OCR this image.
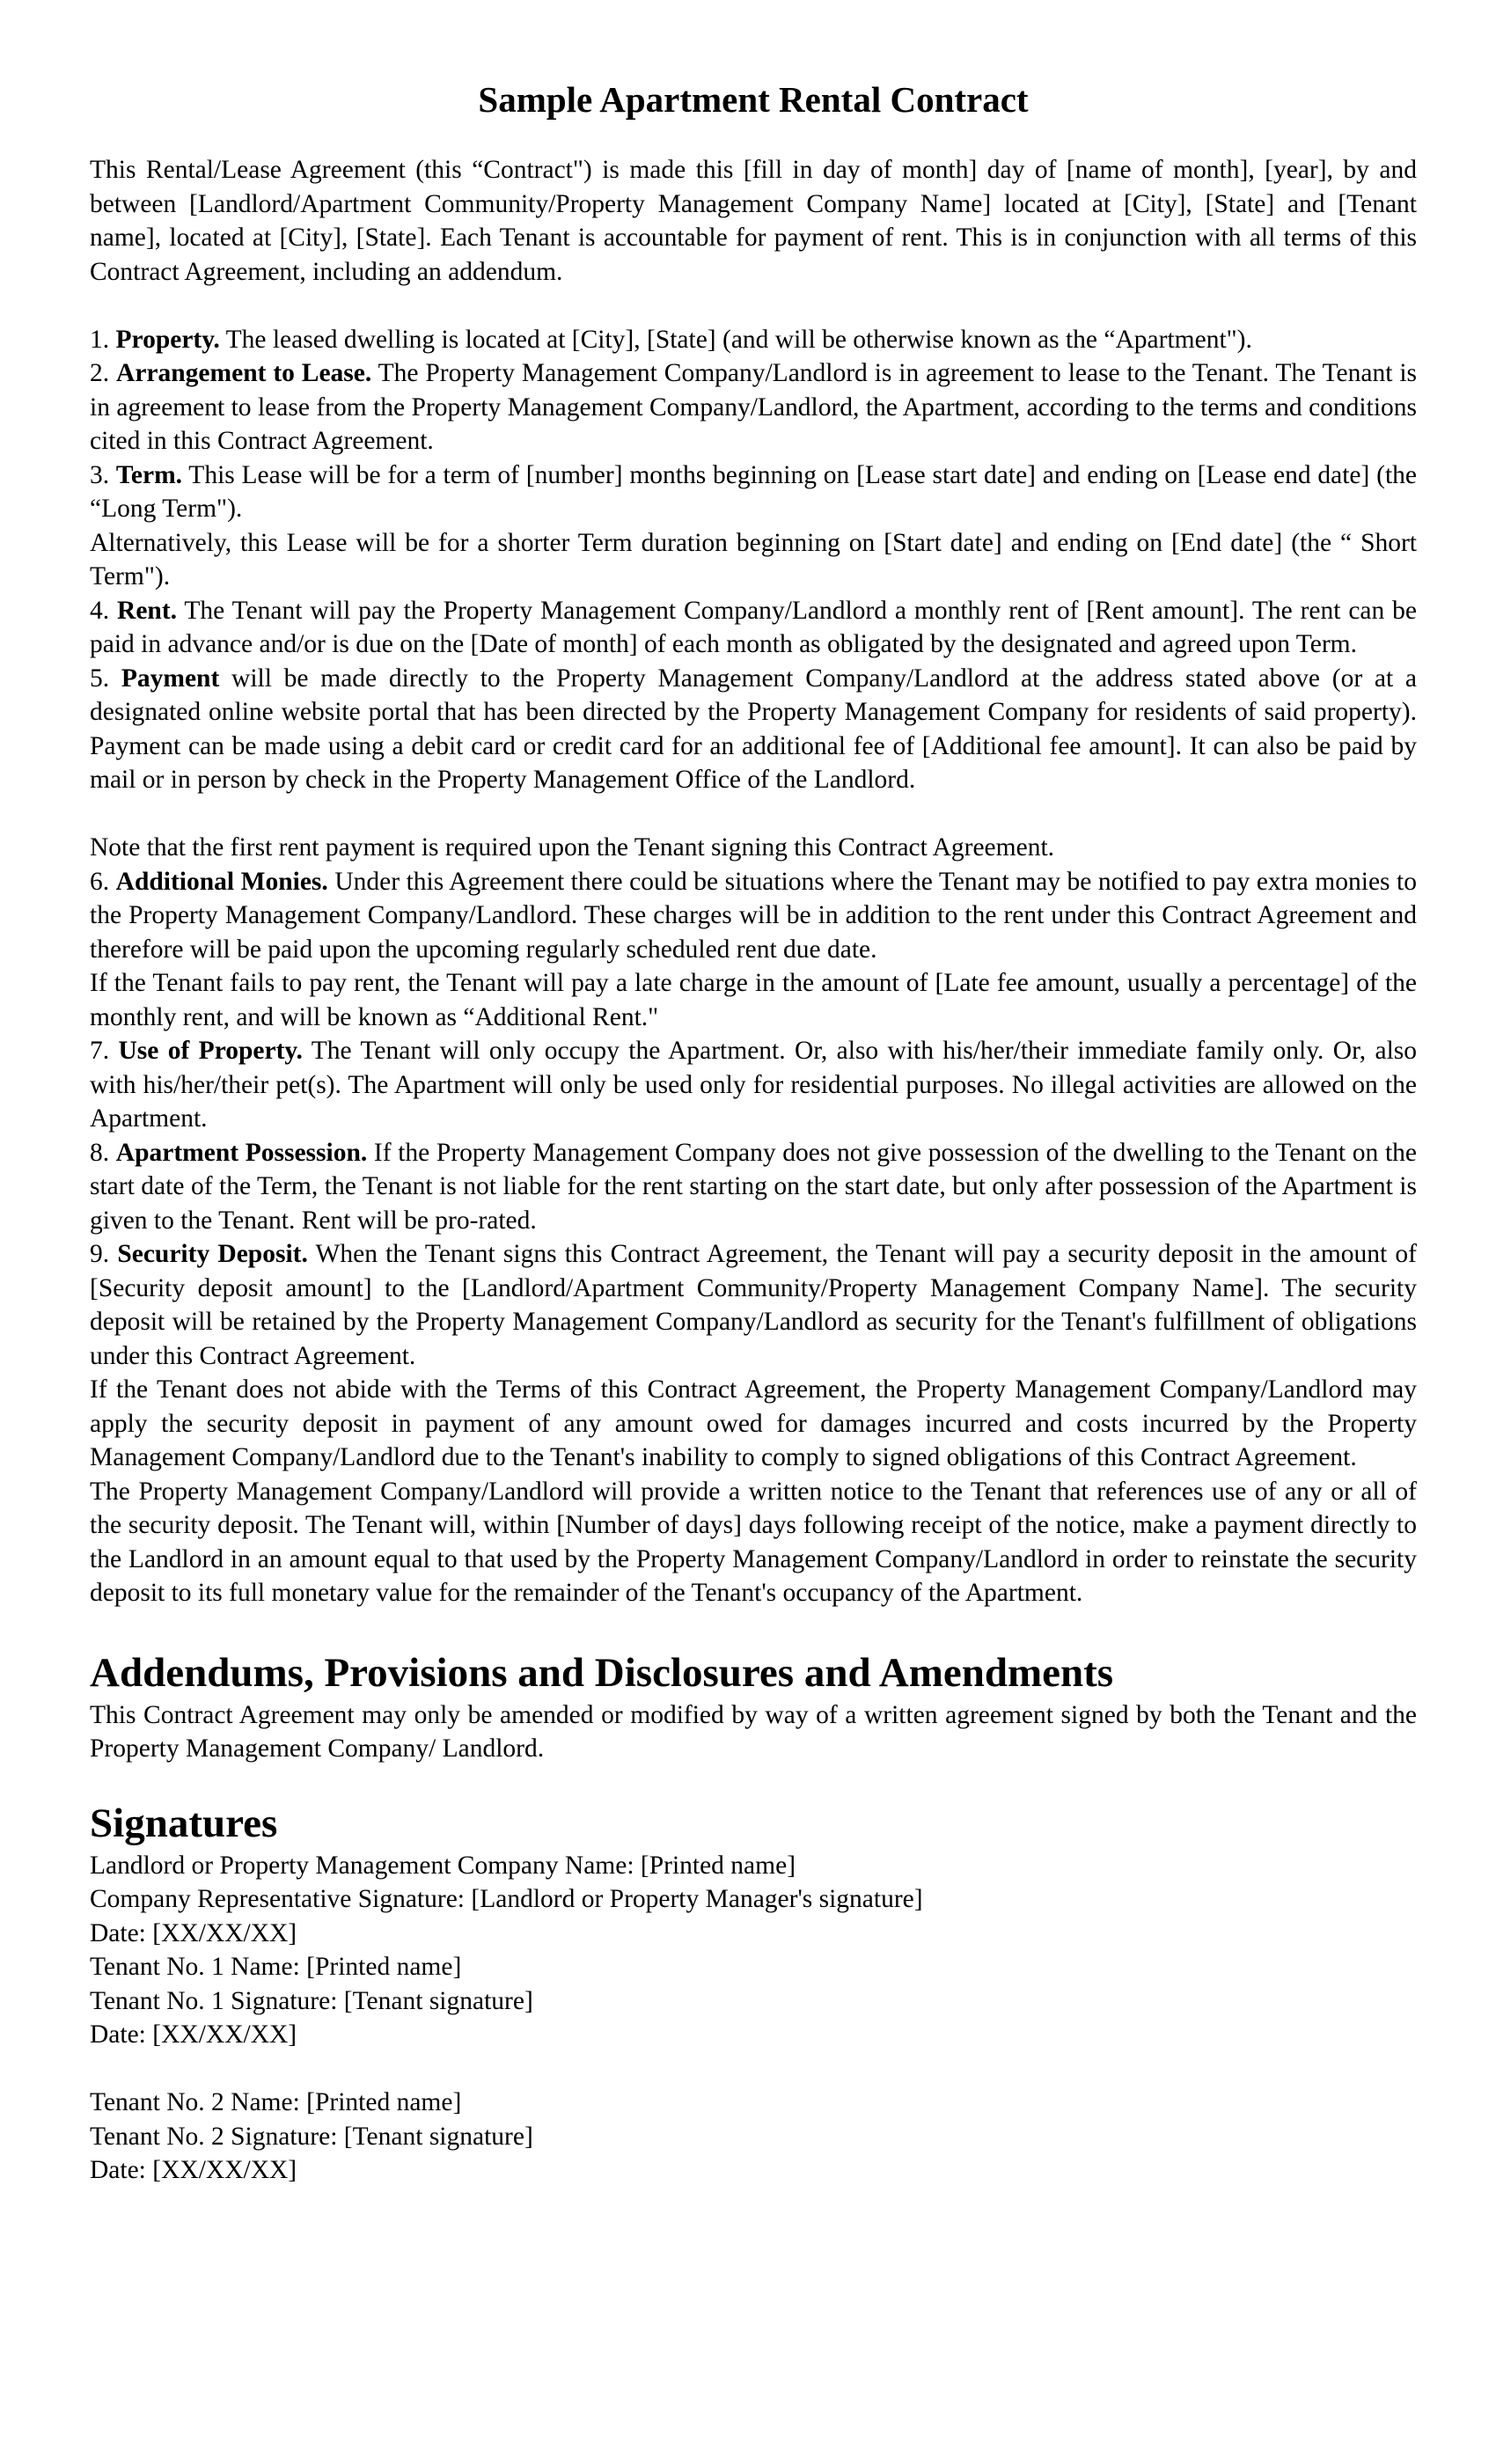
Sample Apartment Rental Contract

This Rental/Lease Agreement (this “Contract") is made this [fill in day of month] day of [name of month], [year], by and between [Landlord/Apartment Community/Property Management Company Name] located at [City], [State] and [Tenant name], located at [City], [State]. Each Tenant is accountable for payment of rent. This is in conjunction with all terms of this Contract Agreement, including an addendum.

1. Property. The leased dwelling is located at [City], [State] (and will be otherwise known as the “Apartment").

2. Arrangement to Lease. The Property Management Company/Landlord is in agreement to lease to the Tenant. The Tenant is in agreement to lease from the Property Management Company/Landlord, the Apartment, according to the terms and conditions cited in this Contract Agreement.

3. Term. This Lease will be for a term of [number] months beginning on [Lease start date] and ending on [Lease end date] (the “Long Term").

Alternatively, this Lease will be for a shorter Term duration beginning on [Start date] and ending on [End date] (the “ Short Term").

4. Rent. The Tenant will pay the Property Management Company/Landlord a monthly rent of [Rent amount]. The rent can be paid in advance and/or is due on the [Date of month] of each month as obligated by the designated and agreed upon Term.

5. Payment will be made directly to the Property Management Company/Landlord at the address stated above (or at a designated online website portal that has been directed by the Property Management Company for residents of said property). Payment can be made using a debit card or credit card for an additional fee of [Additional fee amount]. It can also be paid by mail or in person by check in the Property Management Office of the Landlord.

Note that the first rent payment is required upon the Tenant signing this Contract Agreement.

6. Additional Monies. Under this Agreement there could be situations where the Tenant may be notified to pay extra monies to the Property Management Company/Landlord. These charges will be in addition to the rent under this Contract Agreement and therefore will be paid upon the upcoming regularly scheduled rent due date.

If the Tenant fails to pay rent, the Tenant will pay a late charge in the amount of [Late fee amount, usually a percentage] of the monthly rent, and will be known as “Additional Rent."

7. Use of Property. The Tenant will only occupy the Apartment. Or, also with his/her/their immediate family only. Or, also with his/her/their pet(s). The Apartment will only be used only for residential purposes. No illegal activities are allowed on the Apartment.

8. Apartment Possession. If the Property Management Company does not give possession of the dwelling to the Tenant on the start date of the Term, the Tenant is not liable for the rent starting on the start date, but only after possession of the Apartment is given to the Tenant. Rent will be pro-rated.

9. Security Deposit. When the Tenant signs this Contract Agreement, the Tenant will pay a security deposit in the amount of [Security deposit amount] to the [Landlord/Apartment Community/Property Management Company Name]. The security deposit will be retained by the Property Management Company/Landlord as security for the Tenant's fulfillment of obligations under this Contract Agreement.

If the Tenant does not abide with the Terms of this Contract Agreement, the Property Management Company/Landlord may apply the security deposit in payment of any amount owed for damages incurred and costs incurred by the Property Management Company/Landlord due to the Tenant's inability to comply to signed obligations of this Contract Agreement.

The Property Management Company/Landlord will provide a written notice to the Tenant that references use of any or all of the security deposit. The Tenant will, within [Number of days] days following receipt of the notice, make a payment directly to the Landlord in an amount equal to that used by the Property Management Company/Landlord in order to reinstate the security deposit to its full monetary value for the remainder of the Tenant's occupancy of the Apartment.

Addendums, Provisions and Disclosures and Amendments

This Contract Agreement may only be amended or modified by way of a written agreement signed by both the Tenant and the Property Management Company/ Landlord.

Signatures

Landlord or Property Management Company Name: [Printed name]

Company Representative Signature: [Landlord or Property Manager's signature]

Date: [XX/XX/XX]

Tenant No. 1 Name: [Printed name]

Tenant No. 1 Signature: [Tenant signature]

Date: [XX/XX/XX]

Tenant No. 2 Name: [Printed name]

Tenant No. 2 Signature: [Tenant signature]

Date: [XX/XX/XX]
